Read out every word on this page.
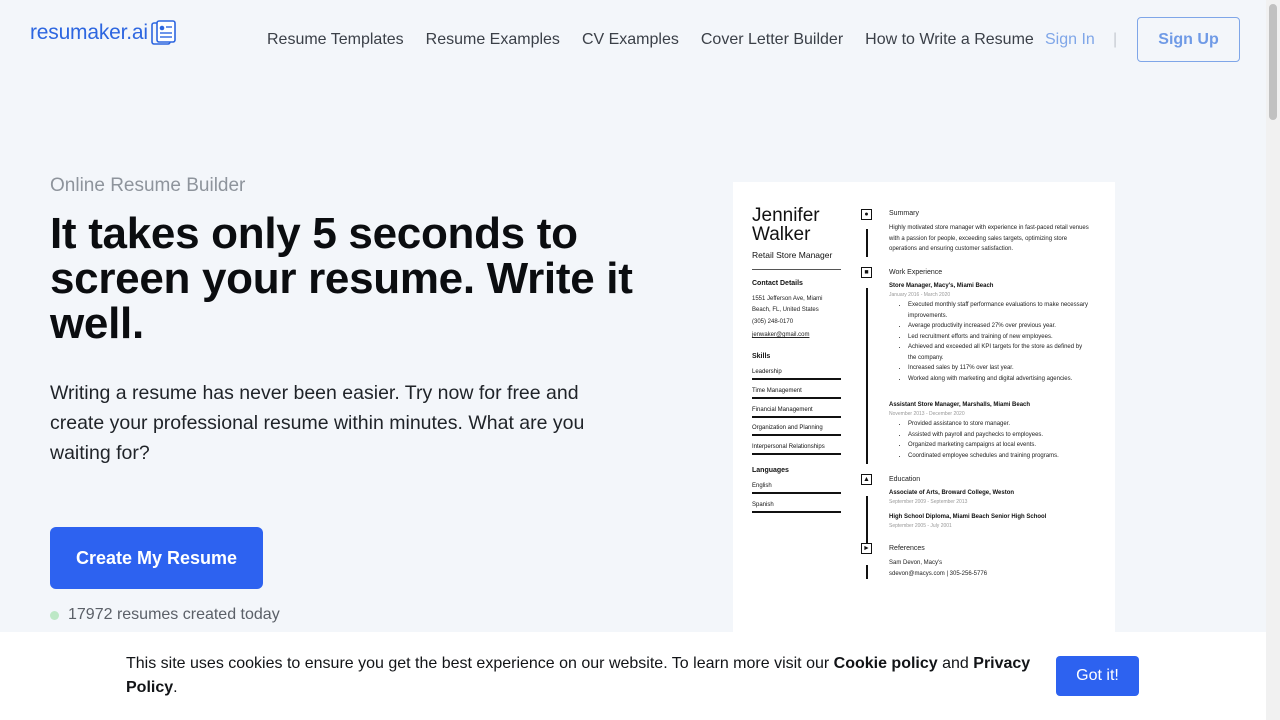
resumaker.ai	Resume Templates Resume Examples CV Examples Cover Letter Builder How to Write a Resume Sign In |	Sign Up
Online Resume Builder
It takes only 5 seconds to screen your resume. Write it well.

Writing a resume has never been easier. Try now for free and create your professional resume within minutes. What are you waiting for?

Create My Resume
17972 resumes created today
Jennifer
Walker
Retail Store Manager
Contact Details
1551 Jefferson Ave, Miami Beach, FL, United States
(305) 248-0170
jenwaker@gmail.com
Skills
Leadership
Time Management
Financial Management
Organization and Planning
Interpersonal Relationships
Languages
English
Spanish
●
■
▲
►
Summary
Highly motivated store manager with experience in fast-paced retail venues with a passion for people, exceeding sales targets, optimizing store operations and ensuring customer satisfaction.
Work Experience
Store Manager, Macy's, Miami Beach
January 2016 - March 2020
• Executed monthly staff performance evaluations to make necessary improvements.
• Average productivity increased 27% over previous year.
• Led recruitment efforts and training of new employees.
• Achieved and exceeded all KPI targets for the store as defined by the company.
• Increased sales by 117% over last year.
• Worked along with marketing and digital advertising agencies.
Assistant Store Manager, Marshalls, Miami Beach
November 2013 - December 2020
• Provided assistance to store manager.
• Assisted with payroll and paychecks to employees.
• Organized marketing campaigns at local events.
• Coordinated employee schedules and training programs.
Education
Associate of Arts, Broward College, Weston
September 2009 - September 2013
High School Diploma, Miami Beach Senior High School
September 2005 - July 2001
References
Sam Devon, Macy's
sdevon@macys.com | 305-256-5776

This site uses cookies to ensure you get the best experience on our website. To learn more visit our Cookie policy and Privacy Policy.

Got it!
